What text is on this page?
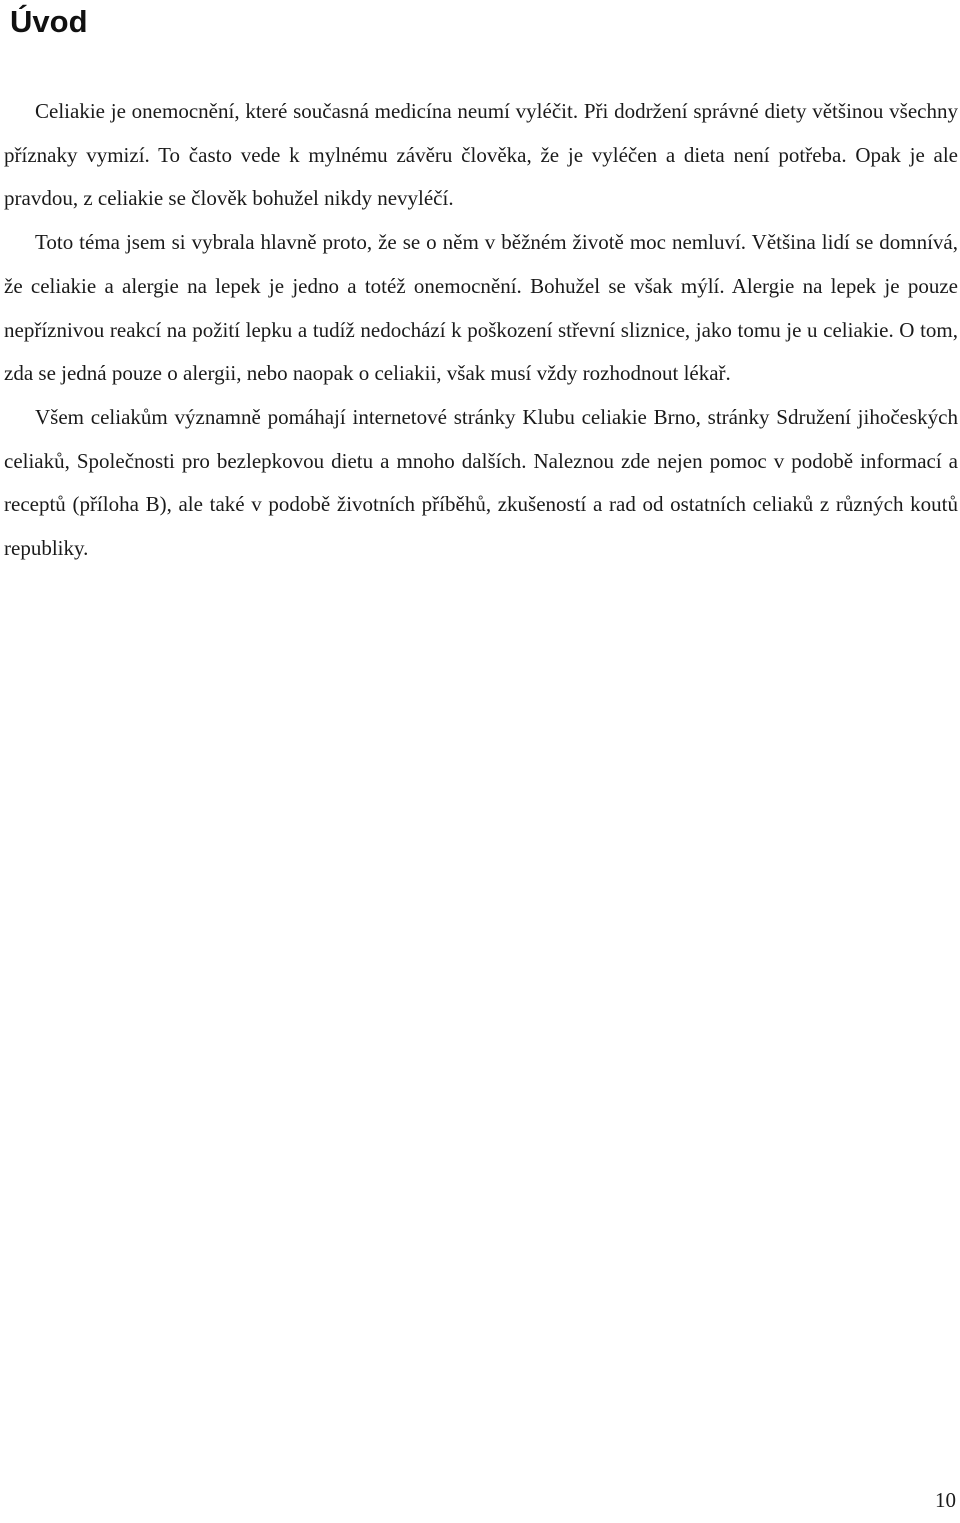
Úvod

Celiakie je onemocnění, které současná medicína neumí vyléčit. Při dodržení správné diety většinou všechny příznaky vymizí. To často vede k mylnému závěru člověka, že je vyléčen a dieta není potřeba. Opak je ale pravdou, z celiakie se člověk bohužel nikdy nevyléčí.

Toto téma jsem si vybrala hlavně proto, že se o něm v běžném životě moc nemluví. Většina lidí se domnívá, že celiakie a alergie na lepek je jedno a totéž onemocnění. Bohužel se však mýlí. Alergie na lepek je pouze nepříznivou reakcí na požití lepku a tudíž nedochází k poškození střevní sliznice, jako tomu je u celiakie. O tom, zda se jedná pouze o alergii, nebo naopak o celiakii, však musí vždy rozhodnout lékař.

Všem celiakům významně pomáhají internetové stránky Klubu celiakie Brno, stránky Sdružení jihočeských celiaků, Společnosti pro bezlepkovou dietu a mnoho dalších. Naleznou zde nejen pomoc v podobě informací a receptů (příloha B), ale také v podobě životních příběhů, zkušeností a rad od ostatních celiaků z různých koutů republiky.

10
